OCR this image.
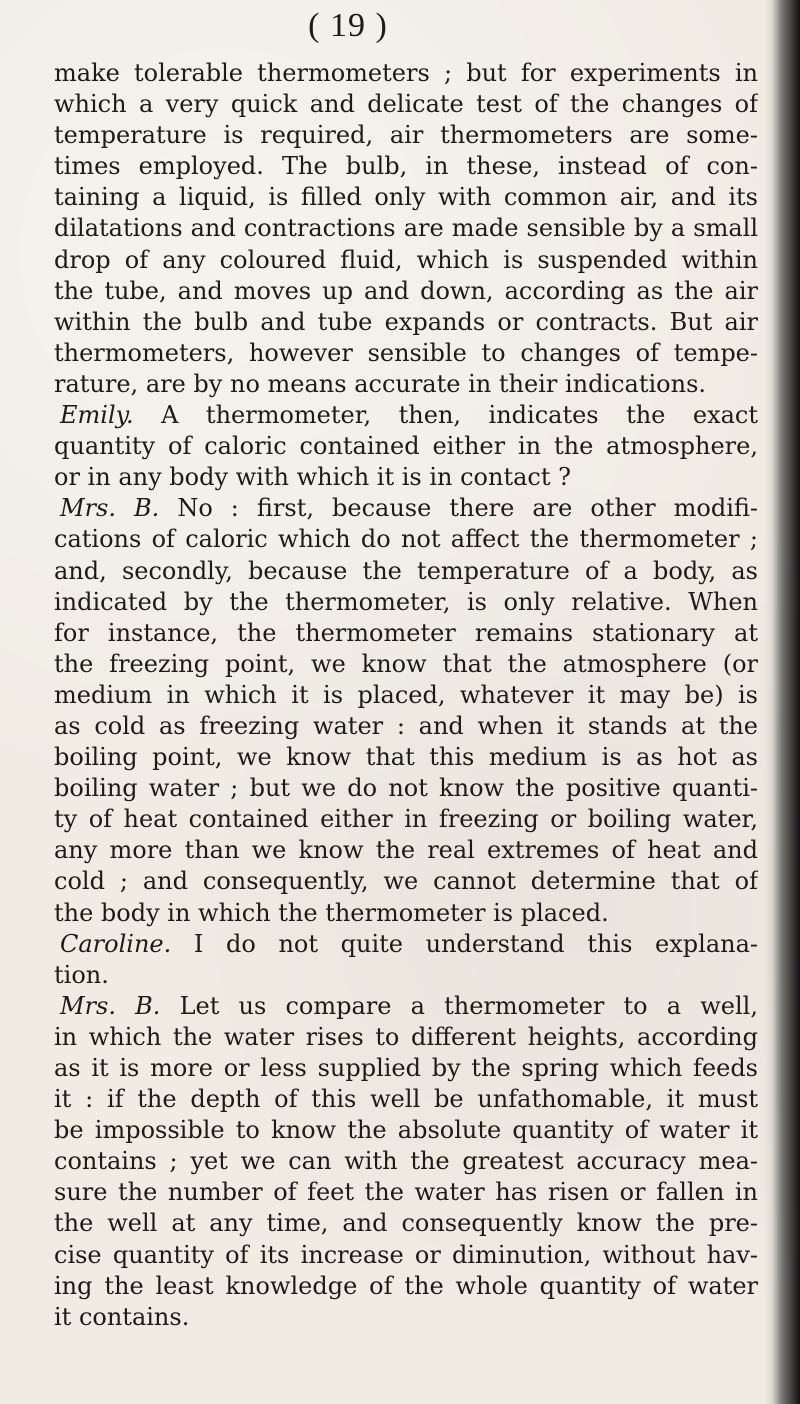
( 19 )
make tolerable thermometers ; but for experiments in
which a very quick and delicate test of the changes of
temperature is required, air thermometers are some-
times employed. The bulb, in these, instead of con-
taining a liquid, is filled only with common air, and its
dilatations and contractions are made sensible by a small
drop of any coloured fluid, which is suspended within
the tube, and moves up and down, according as the air
within the bulb and tube expands or contracts. But air
thermometers, however sensible to changes of tempe-
rature, are by no means accurate in their indications.
Emily. A thermometer, then, indicates the exact
quantity of caloric contained either in the atmosphere,
or in any body with which it is in contact ?
Mrs. B. No : first, because there are other modifi-
cations of caloric which do not affect the thermometer ;
and, secondly, because the temperature of a body, as
indicated by the thermometer, is only relative. When
for instance, the thermometer remains stationary at
the freezing point, we know that the atmosphere (or
medium in which it is placed, whatever it may be) is
as cold as freezing water : and when it stands at the
boiling point, we know that this medium is as hot as
boiling water ; but we do not know the positive quanti-
ty of heat contained either in freezing or boiling water,
any more than we know the real extremes of heat and
cold ; and consequently, we cannot determine that of
the body in which the thermometer is placed.
Caroline. I do not quite understand this explana-
tion.
Mrs. B. Let us compare a thermometer to a well,
in which the water rises to different heights, according
as it is more or less supplied by the spring which feeds
it : if the depth of this well be unfathomable, it must
be impossible to know the absolute quantity of water it
contains ; yet we can with the greatest accuracy mea-
sure the number of feet the water has risen or fallen in
the well at any time, and consequently know the pre-
cise quantity of its increase or diminution, without hav-
ing the least knowledge of the whole quantity of water
it contains.
